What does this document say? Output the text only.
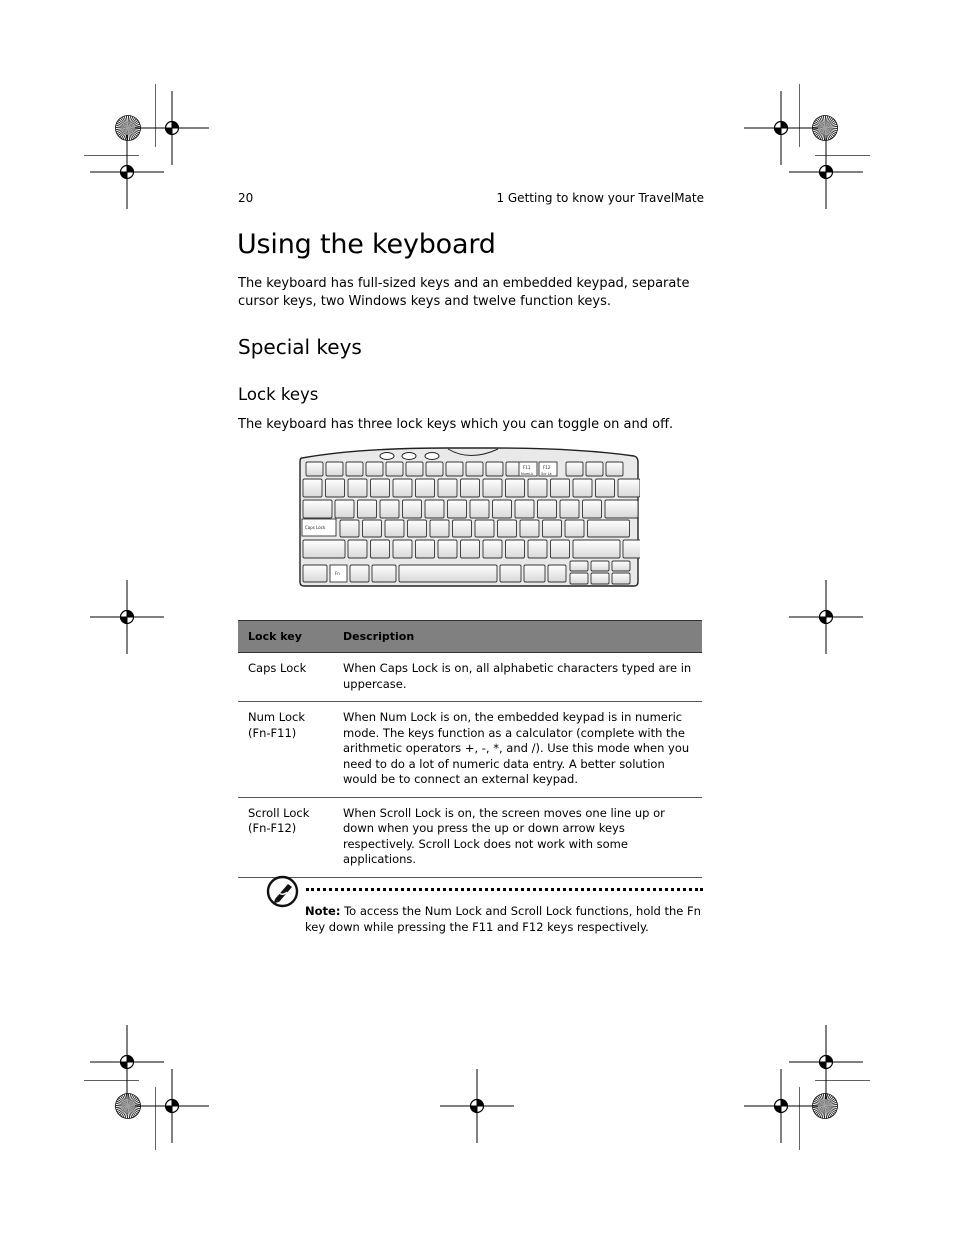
20	1 Getting to know your TravelMate
Using the keyboard

The keyboard has full-sized keys and an embedded keypad, separate cursor keys, two Windows keys and twelve function keys.

Special keys
Lock keys

The keyboard has three lock keys which you can toggle on and off.

F11
NumLk
F12
Scr Lk
Caps Lock
Fn
Lock key	Description
Caps Lock	When Caps Lock is on, all alphabetic characters typed are in uppercase.
Num Lock
(Fn-F11)	When Num Lock is on, the embedded keypad is in numeric mode. The keys function as a calculator (complete with the arithmetic operators +, -, *, and /). Use this mode when you need to do a lot of numeric data entry. A better solution would be to connect an external keypad.
Scroll Lock
(Fn-F12)	When Scroll Lock is on, the screen moves one line up or down when you press the up or down arrow keys respectively. Scroll Lock does not work with some applications.

Note: To access the Num Lock and Scroll Lock functions, hold the Fn key down while pressing the F11 and F12 keys respectively.
